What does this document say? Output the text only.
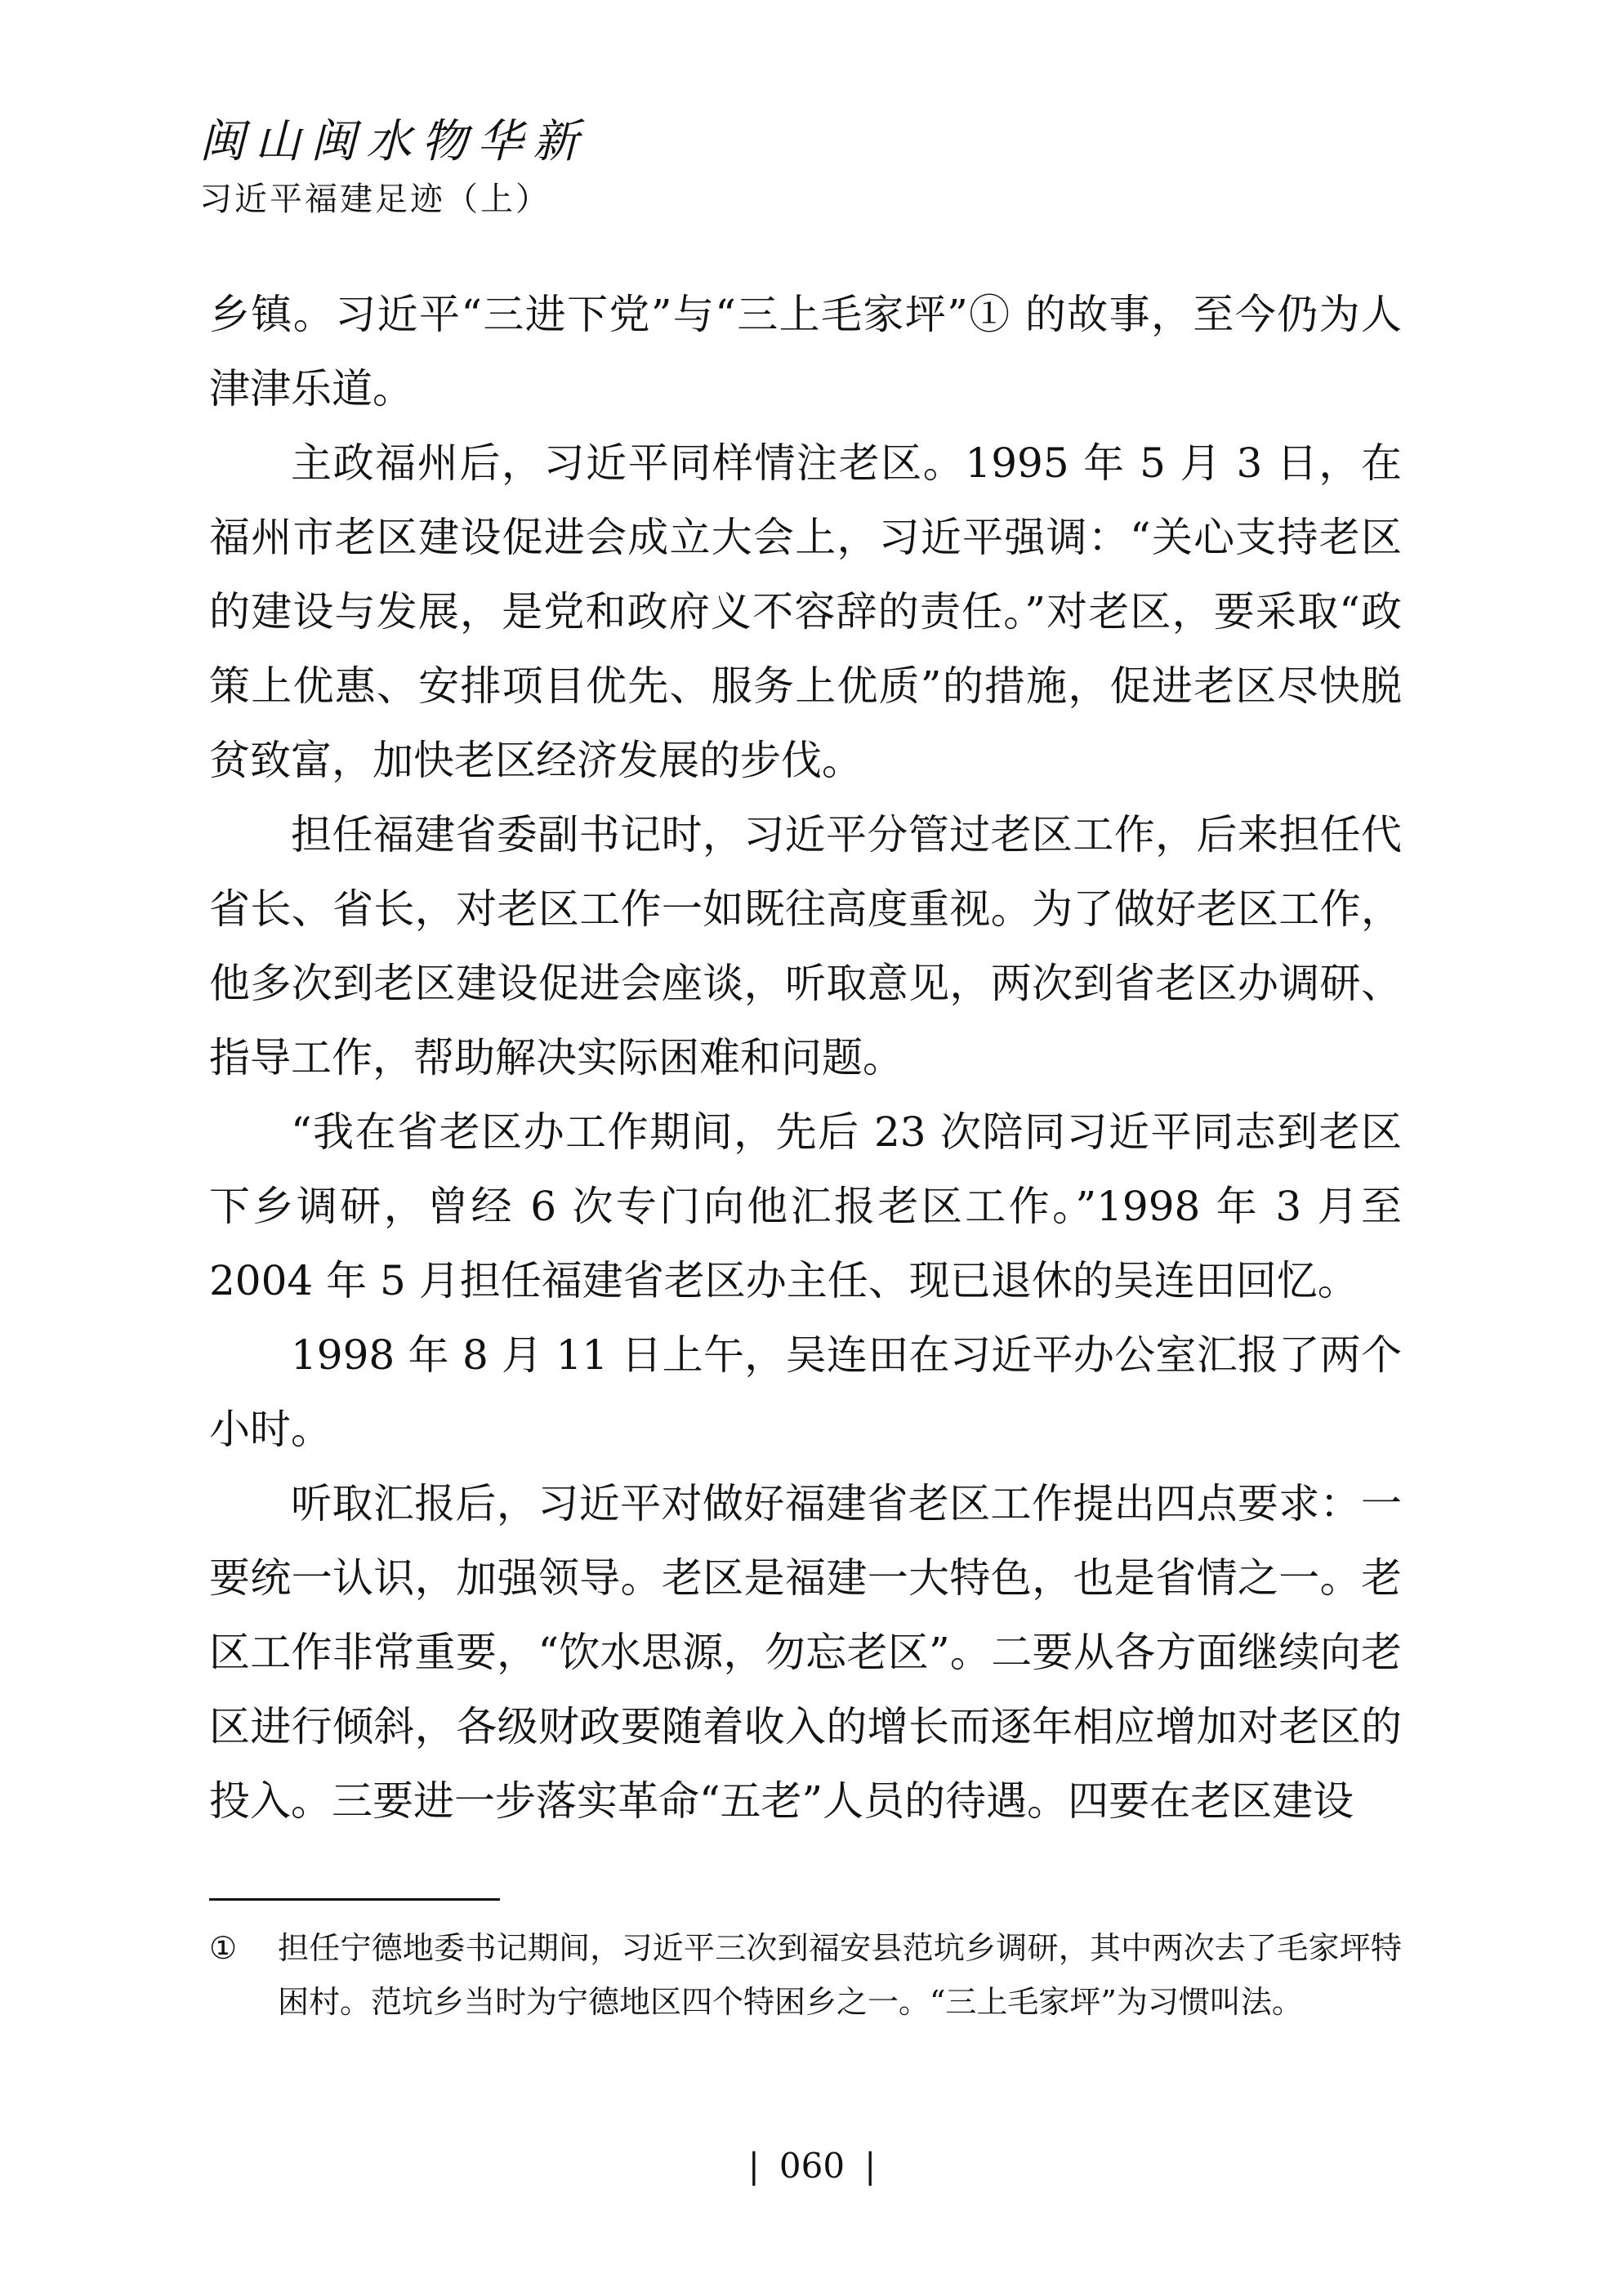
闽山闽水物华新
习近平福建足迹（上）

乡镇。习近平“三进下党”与“三上毛家坪”① 的故事，至今仍为人津津乐道。

主政福州后，习近平同样情注老区。1995 年 5 月 3 日，在福州市老区建设促进会成立大会上，习近平强调：“关心支持老区的建设与发展，是党和政府义不容辞的责任。”对老区，要采取“政策上优惠、安排项目优先、服务上优质”的措施，促进老区尽快脱贫致富，加快老区经济发展的步伐。

担任福建省委副书记时，习近平分管过老区工作，后来担任代省长、省长，对老区工作一如既往高度重视。为了做好老区工作，他多次到老区建设促进会座谈，听取意见，两次到省老区办调研、指导工作，帮助解决实际困难和问题。

“我在省老区办工作期间，先后 23 次陪同习近平同志到老区下乡调研，曾经 6 次专门向他汇报老区工作。”1998 年 3 月至 2004 年 5 月担任福建省老区办主任、现已退休的吴连田回忆。

1998 年 8 月 11 日上午，吴连田在习近平办公室汇报了两个小时。

听取汇报后，习近平对做好福建省老区工作提出四点要求：一要统一认识，加强领导。老区是福建一大特色，也是省情之一。老区工作非常重要，“饮水思源，勿忘老区”。二要从各方面继续向老区进行倾斜，各级财政要随着收入的增长而逐年相应增加对老区的投入。三要进一步落实革命“五老”人员的待遇。四要在老区建设

①	担任宁德地委书记期间，习近平三次到福安县范坑乡调研，其中两次去了毛家坪特困村。范坑乡当时为宁德地区四个特困乡之一。“三上毛家坪”为习惯叫法。
| 060 |
